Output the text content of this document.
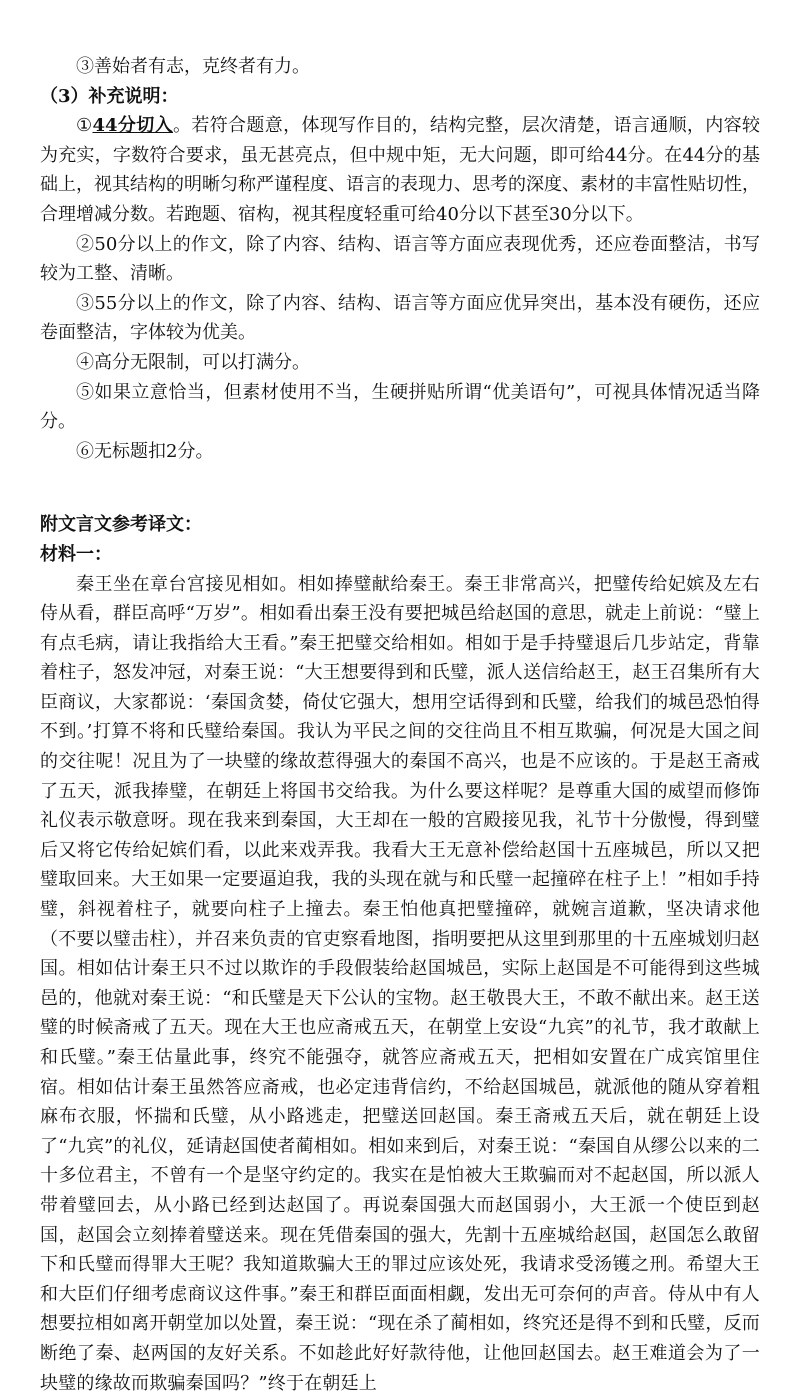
③善始者有志，克终者有力。

（3）补充说明：

①44分切入。若符合题意，体现写作目的，结构完整，层次清楚，语言通顺，内容较为充实，字数符合要求，虽无甚亮点，但中规中矩，无大问题，即可给44分。在44分的基础上，视其结构的明晰匀称严谨程度、语言的表现力、思考的深度、素材的丰富性贴切性，合理增减分数。若跑题、宿构，视其程度轻重可给40分以下甚至30分以下。

②50分以上的作文，除了内容、结构、语言等方面应表现优秀，还应卷面整洁，书写较为工整、清晰。

③55分以上的作文，除了内容、结构、语言等方面应优异突出，基本没有硬伤，还应卷面整洁，字体较为优美。

④高分无限制，可以打满分。

⑤如果立意恰当，但素材使用不当，生硬拼贴所谓“优美语句”，可视具体情况适当降分。

⑥无标题扣2分。

附文言文参考译文：

材料一：

秦王坐在章台宫接见相如。相如捧璧献给秦王。秦王非常高兴，把璧传给妃嫔及左右侍从看，群臣高呼“万岁”。相如看出秦王没有要把城邑给赵国的意思，就走上前说：“璧上有点毛病，请让我指给大王看。”秦王把璧交给相如。相如于是手持璧退后几步站定，背靠着柱子，怒发冲冠，对秦王说：“大王想要得到和氏璧，派人送信给赵王，赵王召集所有大臣商议，大家都说：‘秦国贪婪，倚仗它强大，想用空话得到和氏璧，给我们的城邑恐怕得不到。’打算不将和氏璧给秦国。我认为平民之间的交往尚且不相互欺骗，何况是大国之间的交往呢！况且为了一块璧的缘故惹得强大的秦国不高兴，也是不应该的。于是赵王斋戒了五天，派我捧璧，在朝廷上将国书交给我。为什么要这样呢？是尊重大国的威望而修饰礼仪表示敬意呀。现在我来到秦国，大王却在一般的宫殿接见我，礼节十分傲慢，得到璧后又将它传给妃嫔们看，以此来戏弄我。我看大王无意补偿给赵国十五座城邑，所以又把璧取回来。大王如果一定要逼迫我，我的头现在就与和氏璧一起撞碎在柱子上！”相如手持璧，斜视着柱子，就要向柱子上撞去。秦王怕他真把璧撞碎，就婉言道歉，坚决请求他（不要以璧击柱），并召来负责的官吏察看地图，指明要把从这里到那里的十五座城划归赵国。相如估计秦王只不过以欺诈的手段假装给赵国城邑，实际上赵国是不可能得到这些城邑的，他就对秦王说：“和氏璧是天下公认的宝物。赵王敬畏大王，不敢不献出来。赵王送璧的时候斋戒了五天。现在大王也应斋戒五天，在朝堂上安设“九宾”的礼节，我才敢献上和氏璧。”秦王估量此事，终究不能强夺，就答应斋戒五天，把相如安置在广成宾馆里住宿。相如估计秦王虽然答应斋戒，也必定违背信约，不给赵国城邑，就派他的随从穿着粗麻布衣服，怀揣和氏璧，从小路逃走，把璧送回赵国。秦王斋戒五天后，就在朝廷上设了“九宾”的礼仪，延请赵国使者蔺相如。相如来到后，对秦王说：“秦国自从缪公以来的二十多位君主，不曾有一个是坚守约定的。我实在是怕被大王欺骗而对不起赵国，所以派人带着璧回去，从小路已经到达赵国了。再说秦国强大而赵国弱小，大王派一个使臣到赵国，赵国会立刻捧着璧送来。现在凭借秦国的强大，先割十五座城给赵国，赵国怎么敢留下和氏璧而得罪大王呢？我知道欺骗大王的罪过应该处死，我请求受汤镬之刑。希望大王和大臣们仔细考虑商议这件事。”秦王和群臣面面相觑，发出无可奈何的声音。侍从中有人想要拉相如离开朝堂加以处置，秦王说：“现在杀了蔺相如，终究还是得不到和氏璧，反而断绝了秦、赵两国的友好关系。不如趁此好好款待他，让他回赵国去。赵王难道会为了一块璧的缘故而欺骗秦国吗？”终于在朝廷上
